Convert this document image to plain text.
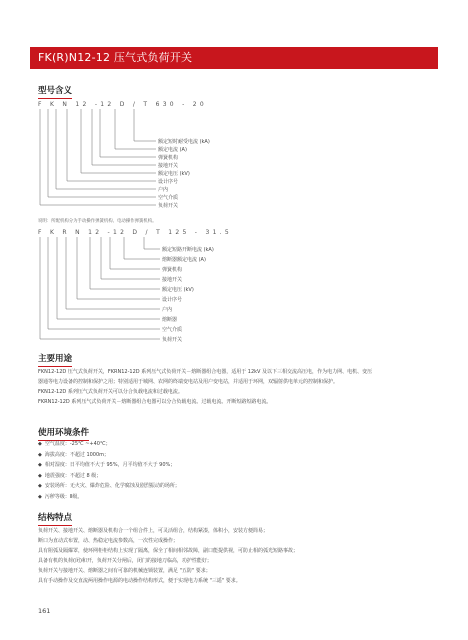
FK(R)N12-12 压气式负荷开关
型号含义
F K N 12 -12 D / T 630 - 20
说明：所配机构分为手动操作弹簧机构、电动操作弹簧机构。
F K R N 12 -12 D / T 125 - 31.5
额定短时耐受电流 (kA)
额定电流 (A)
弹簧机构
接地开关
额定电压 (kV)
设计序号
户内
空气介质
负荷开关
额定短路开断电流 (kA)
熔断器额定电流 (A)
弹簧机构
接地开关
额定电压 (kV)
设计序号
户内
熔断器
空气介质
负荷开关
主要用途
FKN12-12D 压气式负荷开关，FKRN12-12D 系列压气式负荷开关－熔断器组合电器，适用于 12kV 及以下三相交流高压电，作为电力网、电机、变压
器通等电力设备的控制和保护之用；特别适用于城网、农网的终端变电站及用户变电站，并适用于环网，双辐射供电单元的控制和保护。
FKN12-12D 系列压气式负荷开关可以分合负载电流和过载电流。
FKRN12-12D 系列压气式负荷开关－熔断器组合电器可以分合负载电流、过载电流、开断短路短路电流。
使用环境条件
◆ 空气温度：-25℃ ~+40℃；
◆ 海拔高度：不超过 1000m；
◆ 相对湿度：日平均值不大于 95%，月平均值不大于 90%；
◆ 地震强度：不超过 8 级；
◆ 安装场所：无火灾、爆炸危险、化学腐蚀及剧烈振动的场所；
◆ 污秽等级：Ⅱ级。
结构特点
负荷开关、接地开关、熔断器及机构合一个组合件上，可灵活组合，结构紧凑，体积小，安装方便简易；
断口为直动式布置，动、热稳定电流参数高，一次性完成操作；
具有阻弧及隔爆罩，使环网柜柜结构上实现了隔离，保全了相间相邻故障，副口能提供视，可防止相的弧光短路事故；
具备有机的负荷(闭)和开，负荷开关分闸后，闭门的接地刀临高，功护性能好；
负荷开关与接地开关、熔断器之间有可靠的机械连锁装置，满足 "五防" 要求；
具有手动操作及交直流两用操作电源的电动操作结构形式，便于实现电力系统 "三遥" 要求。
161
